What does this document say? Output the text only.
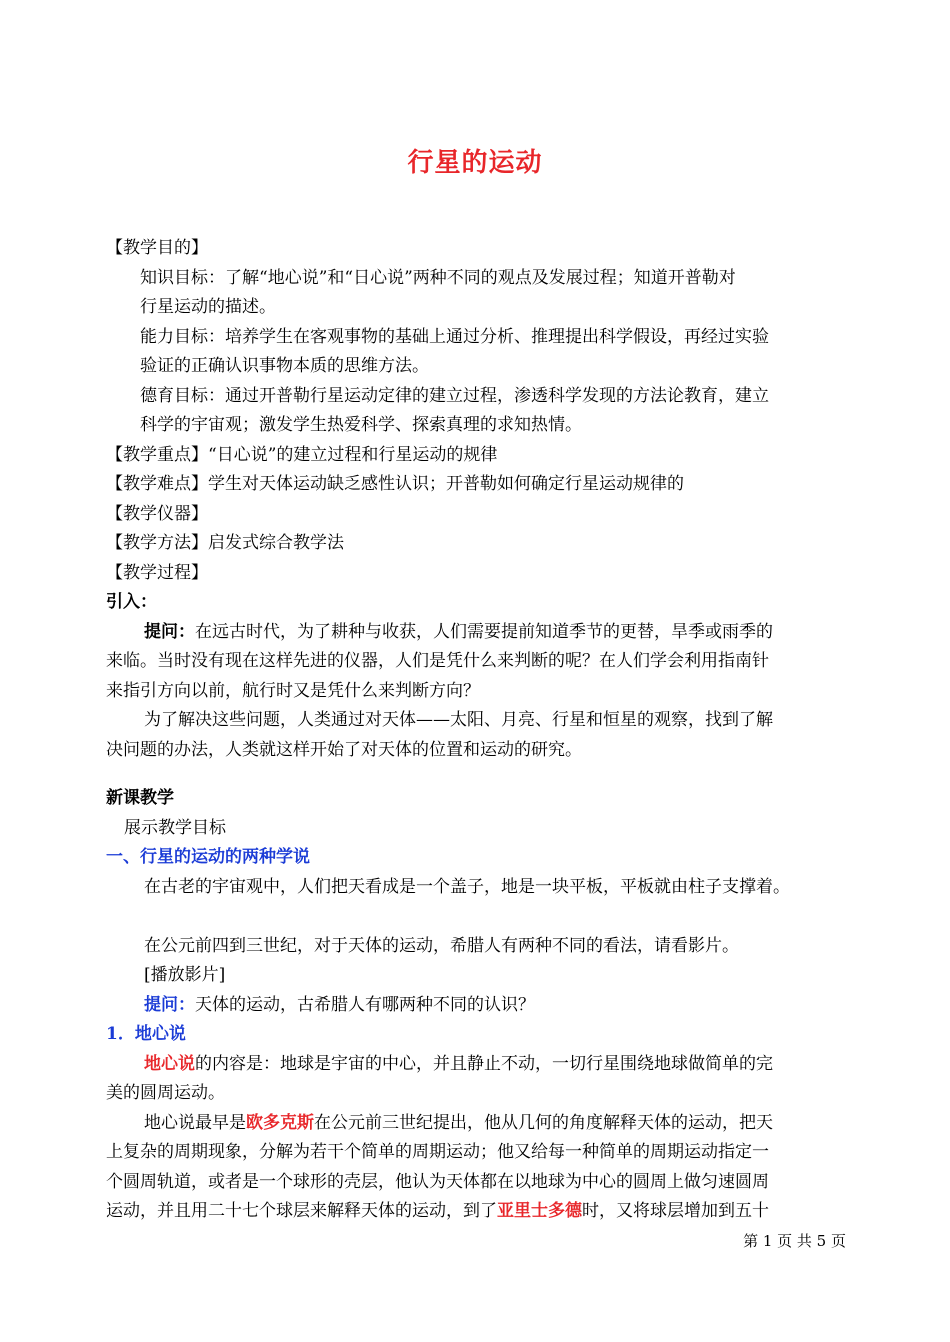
行星的运动
【教学目的】
知识目标：了解“地心说”和“日心说”两种不同的观点及发展过程；知道开普勒对
行星运动的描述。
能力目标：培养学生在客观事物的基础上通过分析、推理提出科学假设，再经过实验
验证的正确认识事物本质的思维方法。
德育目标：通过开普勒行星运动定律的建立过程，渗透科学发现的方法论教育，建立
科学的宇宙观；激发学生热爱科学、探索真理的求知热情。
【教学重点】“日心说”的建立过程和行星运动的规律
【教学难点】学生对天体运动缺乏感性认识；开普勒如何确定行星运动规律的
【教学仪器】
【教学方法】启发式综合教学法
【教学过程】
引入：
提问：在远古时代，为了耕种与收获，人们需要提前知道季节的更替，旱季或雨季的
来临。当时没有现在这样先进的仪器，人们是凭什么来判断的呢？在人们学会利用指南针
来指引方向以前，航行时又是凭什么来判断方向？
为了解决这些问题，人类通过对天体——太阳、月亮、行星和恒星的观察，找到了解
决问题的办法，人类就这样开始了对天体的位置和运动的研究。
新课教学
展示教学目标
一、行星的运动的两种学说
在古老的宇宙观中，人们把天看成是一个盖子，地是一块平板，平板就由柱子支撑着。
在公元前四到三世纪，对于天体的运动，希腊人有两种不同的看法，请看影片。
[播放影片]
提问：天体的运动，古希腊人有哪两种不同的认识？
1．地心说
地心说的内容是：地球是宇宙的中心，并且静止不动，一切行星围绕地球做简单的完
美的圆周运动。
地心说最早是欧多克斯在公元前三世纪提出，他从几何的角度解释天体的运动，把天
上复杂的周期现象，分解为若干个简单的周期运动；他又给每一种简单的周期运动指定一
个圆周轨道，或者是一个球形的壳层，他认为天体都在以地球为中心的圆周上做匀速圆周
运动，并且用二十七个球层来解释天体的运动，到了亚里士多德时，又将球层增加到五十
第 1 页 共 5 页
